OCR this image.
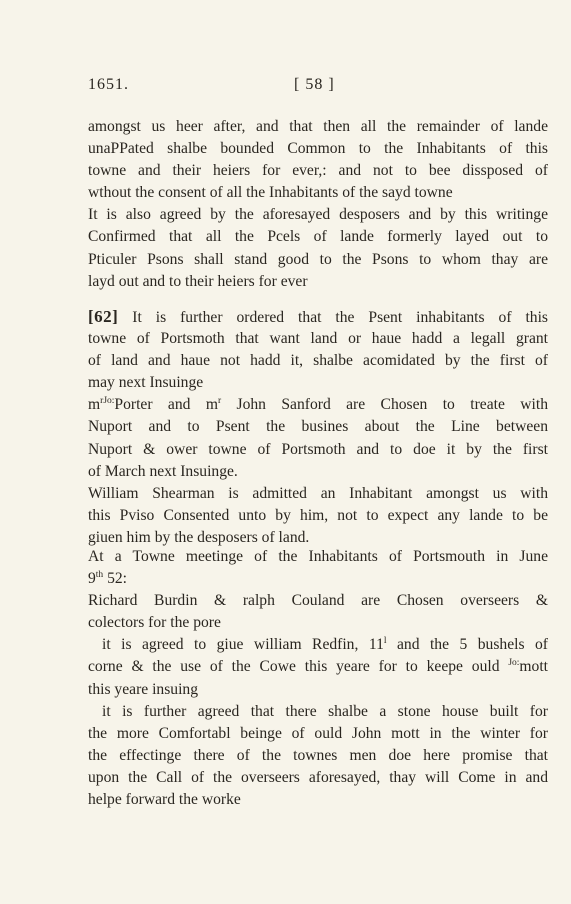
1651.	[ 58 ]
amongst us heer after, and that then all the remainder of lande
unaPPated shalbe bounded Common to the Inhabitants of this
towne and their heiers for ever,: and not to bee dissposed of
wthout the consent of all the Inhabitants of the sayd towne
It is also agreed by the aforesayed desposers and by this writinge
Confirmed that all the Pcels of lande formerly layed out to
Pticuler Psons shall stand good to the Psons to whom thay are
layd out and to their heiers for ever
[62] It is further ordered that the Psent inhabitants of this
towne of Portsmoth that want land or haue hadd a legall grant
of land and haue not hadd it, shalbe acomidated by the first of
may next Insuinge
$m^{rJo:}Porter$ and $m^r$ John Sanford are Chosen to treate with
Nuport and to Psent the busines about the Line between
Nuport & ower towne of Portsmoth and to doe it by the first
of March next Insuinge.
William Shearman is admitted an Inhabitant amongst us with
this Pviso Consented unto by him, not to expect any lande to be
giuen him by the desposers of land.
At a Towne meetinge of the Inhabitants of Portsmouth in June
9th 52:
Richard Burdin & ralph Couland are Chosen overseers &
colectors for the pore
it is agreed to giue william Redfin, 11$^l$ and the 5 bushels of
corne & the use of the Cowe this yeare for to keepe ould $^{Jo:}$mott
this yeare insuing
it is further agreed that there shalbe a stone house built for
the more Comfortabl beinge of ould John mott in the winter for
the effectinge there of the townes men doe here promise that
upon the Call of the overseers aforesayed, thay will Come in and
helpe forward the worke
